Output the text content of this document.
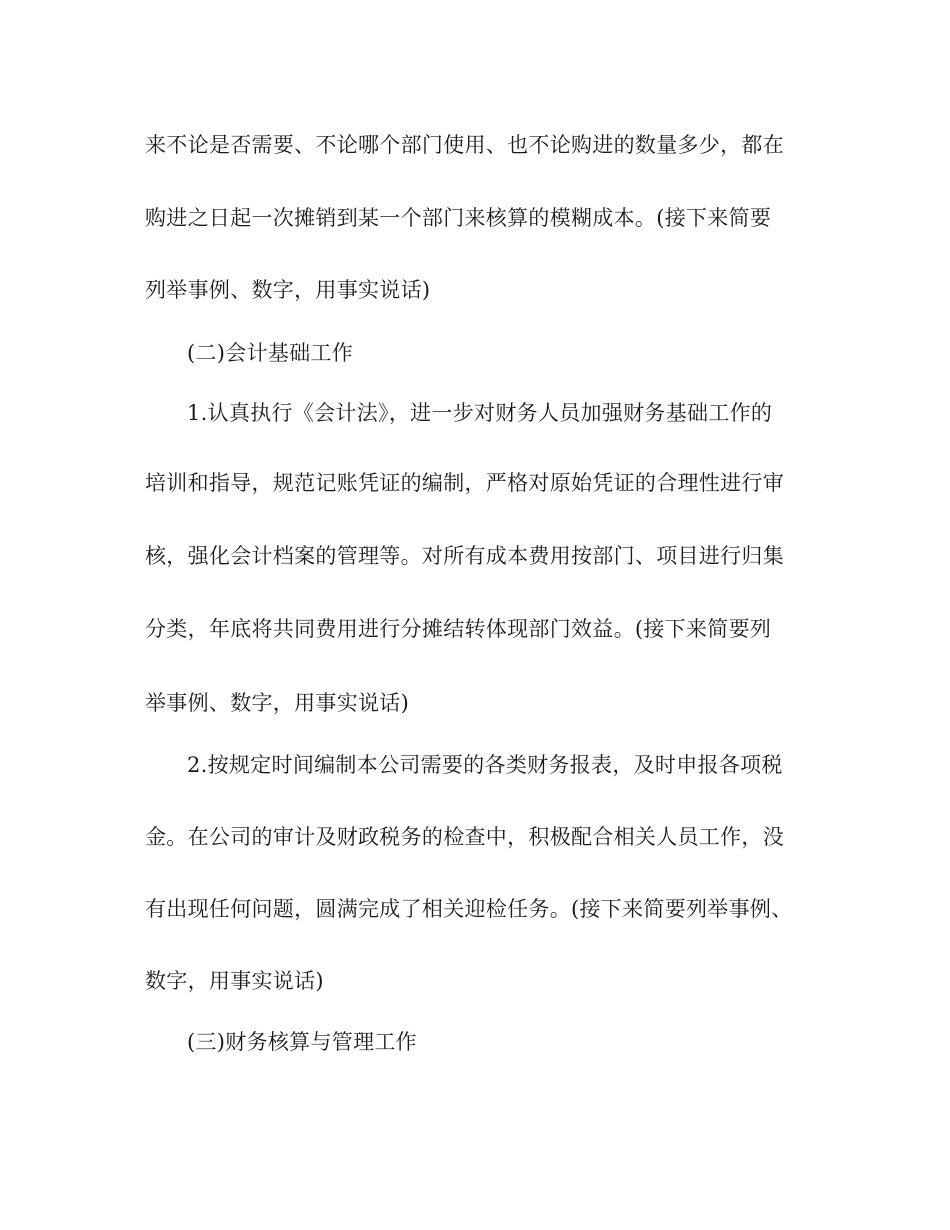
来不论是否需要、不论哪个部门使用、也不论购进的数量多少，都在
购进之日起一次摊销到某一个部门来核算的模糊成本。(接下来简要
列举事例、数字，用事实说话)
(二)会计基础工作
1.认真执行《会计法》，进一步对财务人员加强财务基础工作的
培训和指导，规范记账凭证的编制，严格对原始凭证的合理性进行审
核，强化会计档案的管理等。对所有成本费用按部门、项目进行归集
分类，年底将共同费用进行分摊结转体现部门效益。(接下来简要列
举事例、数字，用事实说话)
2.按规定时间编制本公司需要的各类财务报表，及时申报各项税
金。在公司的审计及财政税务的检查中，积极配合相关人员工作，没
有出现任何问题，圆满完成了相关迎检任务。(接下来简要列举事例、
数字，用事实说话)
(三)财务核算与管理工作
